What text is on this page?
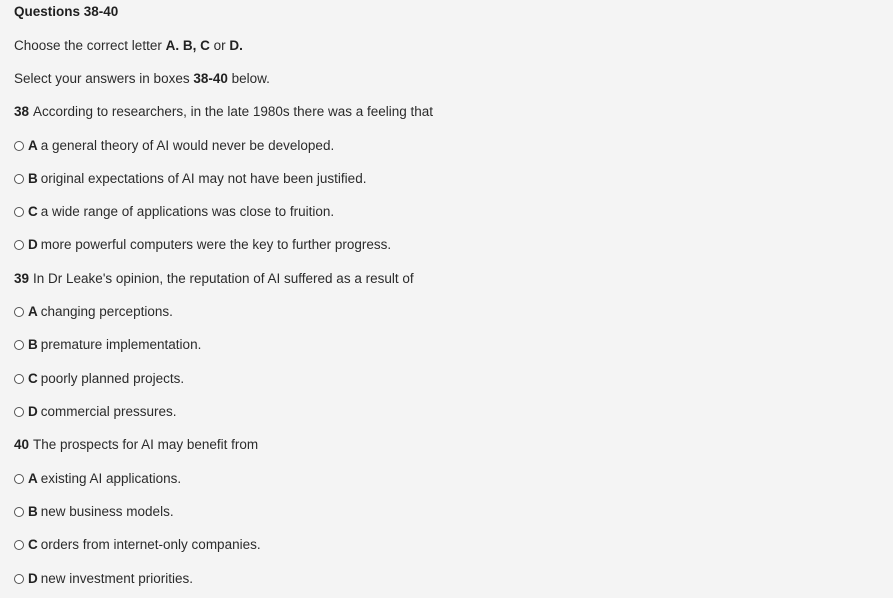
Questions 38-40
Choose the correct letter A. B, C or D.
Select your answers in boxes 38-40 below.
38 According to researchers, in the late 1980s there was a feeling that
A a general theory of AI would never be developed.
B original expectations of AI may not have been justified.
C a wide range of applications was close to fruition.
D more powerful computers were the key to further progress.
39 In Dr Leake's opinion, the reputation of AI suffered as a result of
A changing perceptions.
B premature implementation.
C poorly planned projects.
D commercial pressures.
40 The prospects for AI may benefit from
A existing AI applications.
B new business models.
C orders from internet-only companies.
D new investment priorities.
